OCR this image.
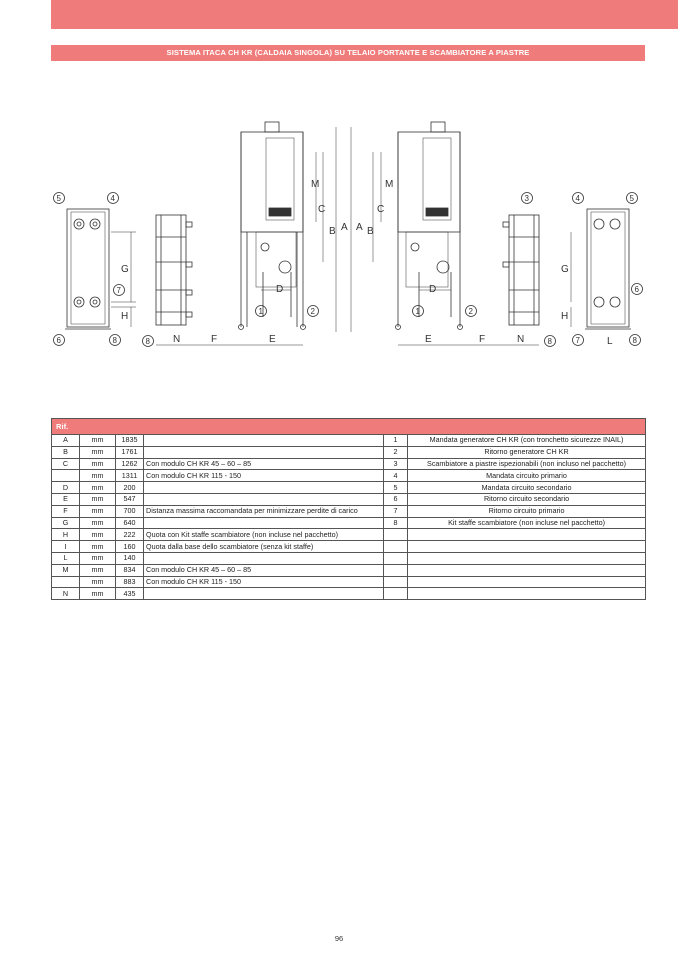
SISTEMA ITACA CH KR (CALDAIA SINGOLA) SU TELAIO PORTANTE E SCAMBIATORE A PIASTRE
G
H
N	F	E
M
C
B A
D
A B
C
M
D
E	F	N
G
H
L
5	4
7
6	8	8
1	2	1	2
3
8
4	5
6
7	8
Rif.					
A	mm	1835		1	Mandata generatore CH KR (con tronchetto sicurezze INAIL)
B	mm	1761		2	Ritorno generatore CH KR
C	mm	1262	Con modulo CH KR 45 – 60 – 85	3	Scambiatore a piastre ispezionabili (non incluso nel pacchetto)
	mm	1311	Con modulo CH KR 115 - 150	4	Mandata circuito primario
D	mm	200		5	Mandata circuito secondario
E	mm	547		6	Ritorno circuito secondario
F	mm	700	Distanza massima raccomandata per minimizzare perdite di carico	7	Ritorno circuito primario
G	mm	640		8	Kit staffe scambiatore (non incluse nel pacchetto)
H	mm	222	Quota con Kit staffe scambiatore (non incluse nel pacchetto)		
I	mm	160	Quota dalla base dello scambiatore (senza kit staffe)		
L	mm	140			
M	mm	834	Con modulo CH KR 45 – 60 – 85		
	mm	883	Con modulo CH KR 115 - 150		
N	mm	435			
96
